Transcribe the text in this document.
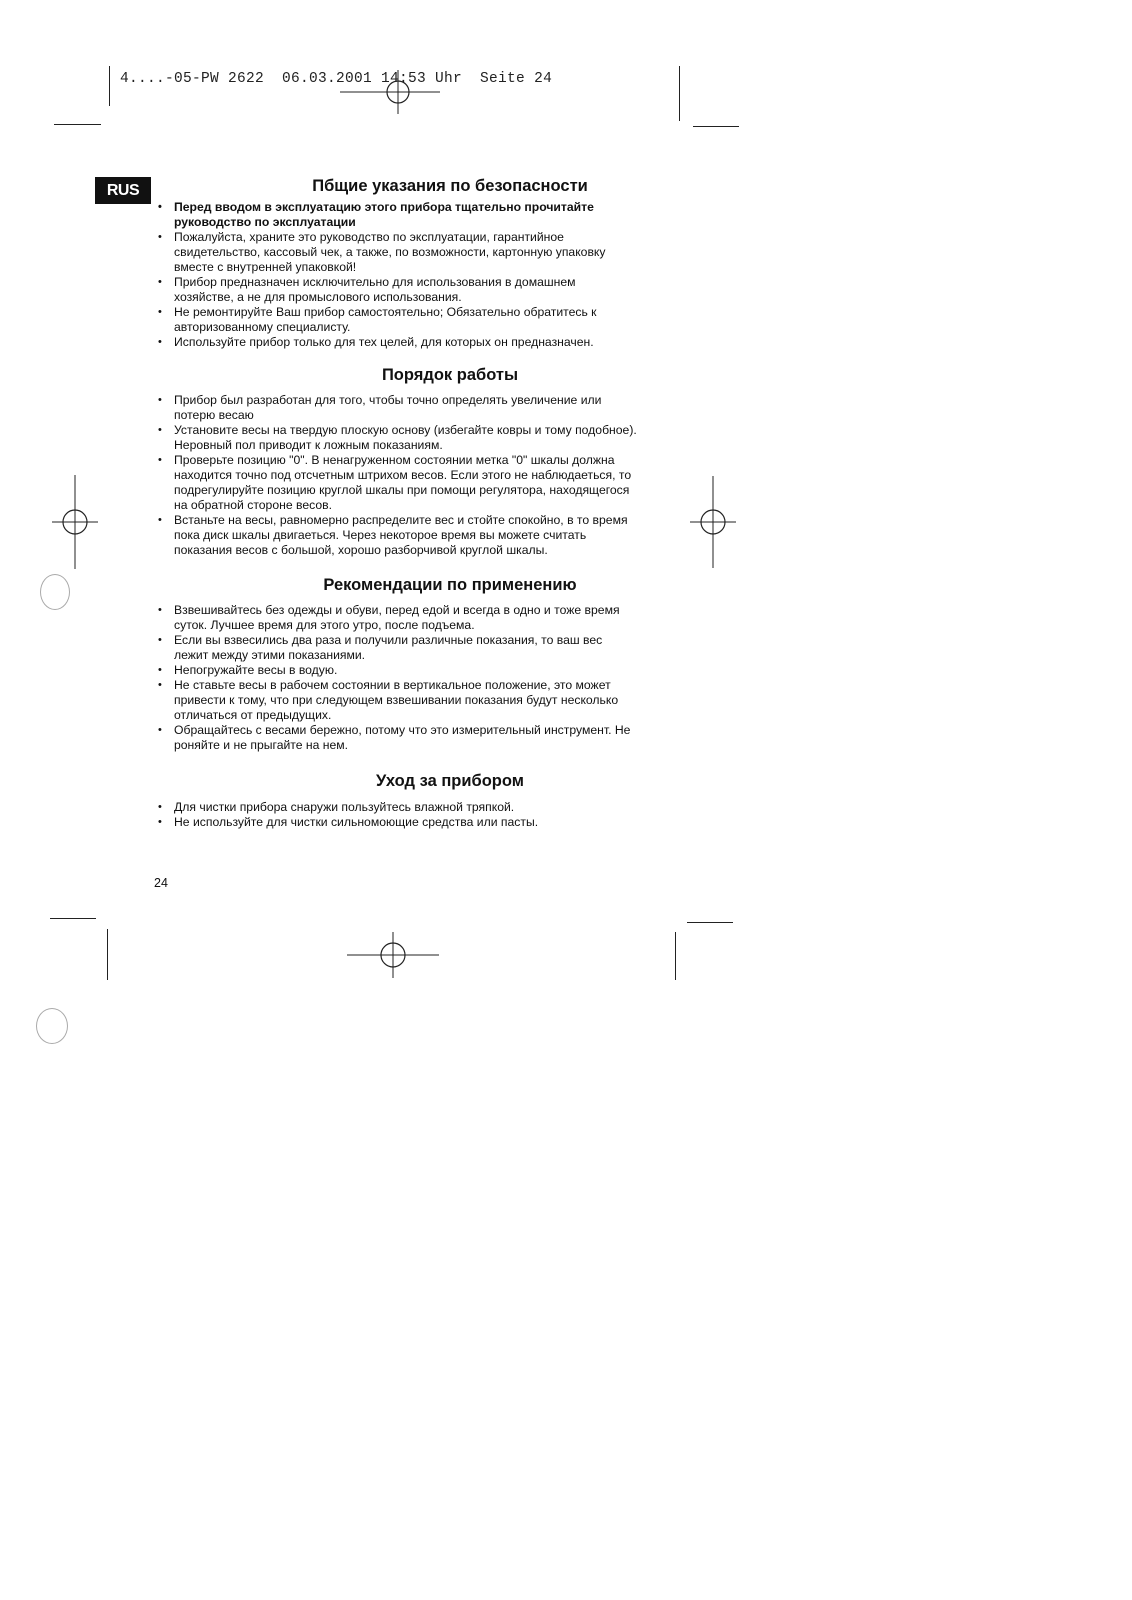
4....-05-PW 2622  06.03.2001 14:53 Uhr  Seite 24
RUS	Пбщие указания по безопасности
• Перед вводом в эксплуатацию этого прибора тщательно прочитайте руководство по эксплуатации
• Пожалуйста, храните это руководство по эксплуатации, гарантийное свидетельство, кассовый чек, а также, по возможности, картонную упаковку вместе с внутренней упаковкой!
• Прибор предназначен исключительно для использования в домашнем хозяйстве, а не для промыслового использования.
• Не ремонтируйте Ваш прибор самостоятельно; Обязательно обратитесь к авторизованному специалисту.
• Используйте прибор только для тех целей, для которых он предназначен.
Порядок работы
• Прибор был разработан для того, чтобы точно определять увеличение или потерю весаю
• Установите весы на твердую плоскую основу (избегайте ковры и тому подобное). Неровный пол приводит к ложным показаниям.
• Проверьте позицию "0". В ненагруженном состоянии метка "0" шкалы должна находится точно под отсчетным штрихом весов. Если этого не наблюдаеться, то подрегулируйте позицию круглой шкалы при помощи регулятора, находящегося на обратной стороне весов.
• Встаньте на весы, равномерно распределите вес и стойте спокойно, в то время пока диск шкалы двигаеться. Через некоторое время вы можете считать показания весов с большой, хорошо разборчивой круглой шкалы.
Рекомендации по применению
• Взвешивайтесь без одежды и обуви, перед едой и всегда в одно и тоже время суток. Лучшее время для этого утро, после подъема.
• Если вы взвесились два раза и получили различные показания, то ваш вес лежит между этими показаниями.
• Непогружайте весы в водую.
• Не ставьте весы в рабочем состоянии в вертикальное положение, это может привести к тому, что при следующем взвешивании показания будут несколько отличаться от предыдущих.
• Обращайтесь с весами бережно, потому что это измерительный инструмент. Не роняйте и не прыгайте на нем.
Уход за прибором
• Для чистки прибора снаружи пользуйтесь влажной тряпкой.
• Не используйте для чистки сильномоющие средства или пасты.
24
